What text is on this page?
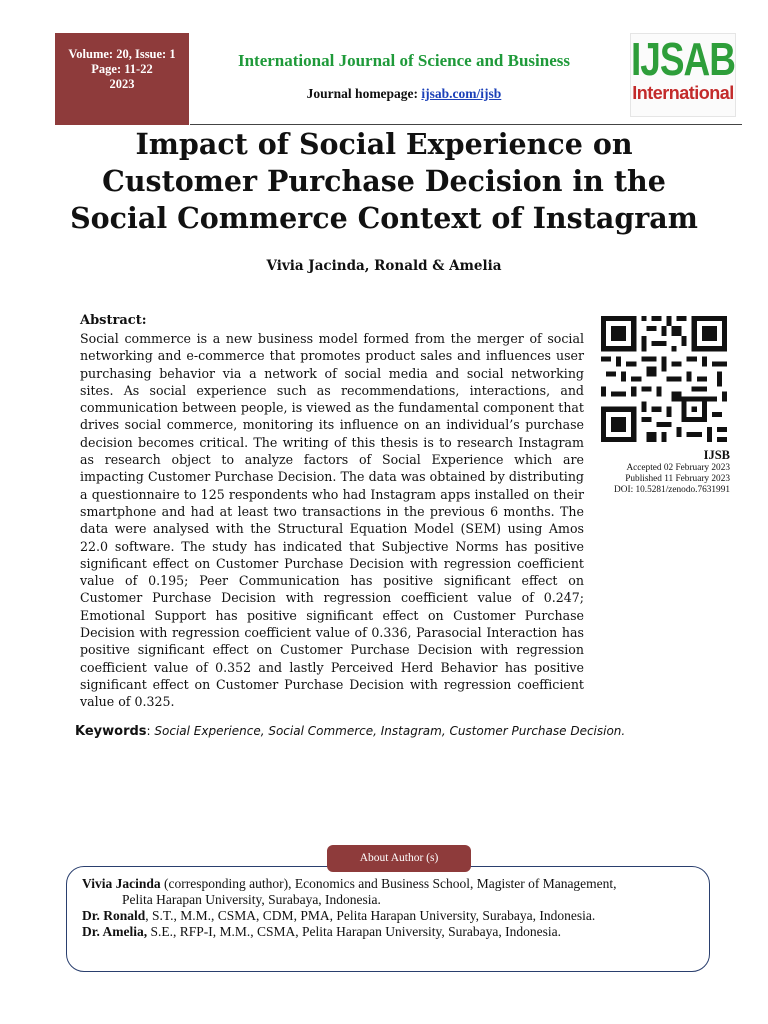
Volume: 20, Issue: 1
Page: 11-22
2023
International Journal of Science and Business
Journal homepage: ijsab.com/ijsb
IJSAB
International
Impact of Social Experience on
Customer Purchase Decision in the
Social Commerce Context of Instagram
Vivia Jacinda, Ronald & Amelia
Abstract:
Social commerce is a new business model formed from the merger of social networking and e-commerce that promotes product sales and influences user purchasing behavior via a network of social media and social networking sites. As social experience such as recommendations, interactions, and communication between people, is viewed as the fundamental component that drives social commerce, monitoring its influence on an individual’s purchase decision becomes critical. The writing of this thesis is to research Instagram as research object to analyze factors of Social Experience which are impacting Customer Purchase Decision. The data was obtained by distributing a questionnaire to 125 respondents who had Instagram apps installed on their smartphone and had at least two transactions in the previous 6 months. The data were analysed with the Structural Equation Model (SEM) using Amos 22.0 software. The study has indicated that Subjective Norms has positive significant effect on Customer Purchase Decision with regression coefficient value of 0.195; Peer Communication has positive significant effect on Customer Purchase Decision with regression coefficient value of 0.247; Emotional Support has positive significant effect on Customer Purchase Decision with regression coefficient value of 0.336, Parasocial Interaction has positive significant effect on Customer Purchase Decision with regression coefficient value of 0.352 and lastly Perceived Herd Behavior has positive significant effect on Customer Purchase Decision with regression coefficient value of 0.325.
IJSB
Accepted 02 February 2023
Published 11 February 2023
DOI: 10.5281/zenodo.7631991
Keywords: Social Experience, Social Commerce, Instagram, Customer Purchase Decision.
About Author (s)

Vivia Jacinda (corresponding author), Economics and Business School, Magister of Management,

Pelita Harapan University, Surabaya, Indonesia.

Dr. Ronald, S.T., M.M., CSMA, CDM, PMA, Pelita Harapan University, Surabaya, Indonesia.

Dr. Amelia, S.E., RFP-I, M.M., CSMA, Pelita Harapan University, Surabaya, Indonesia.
